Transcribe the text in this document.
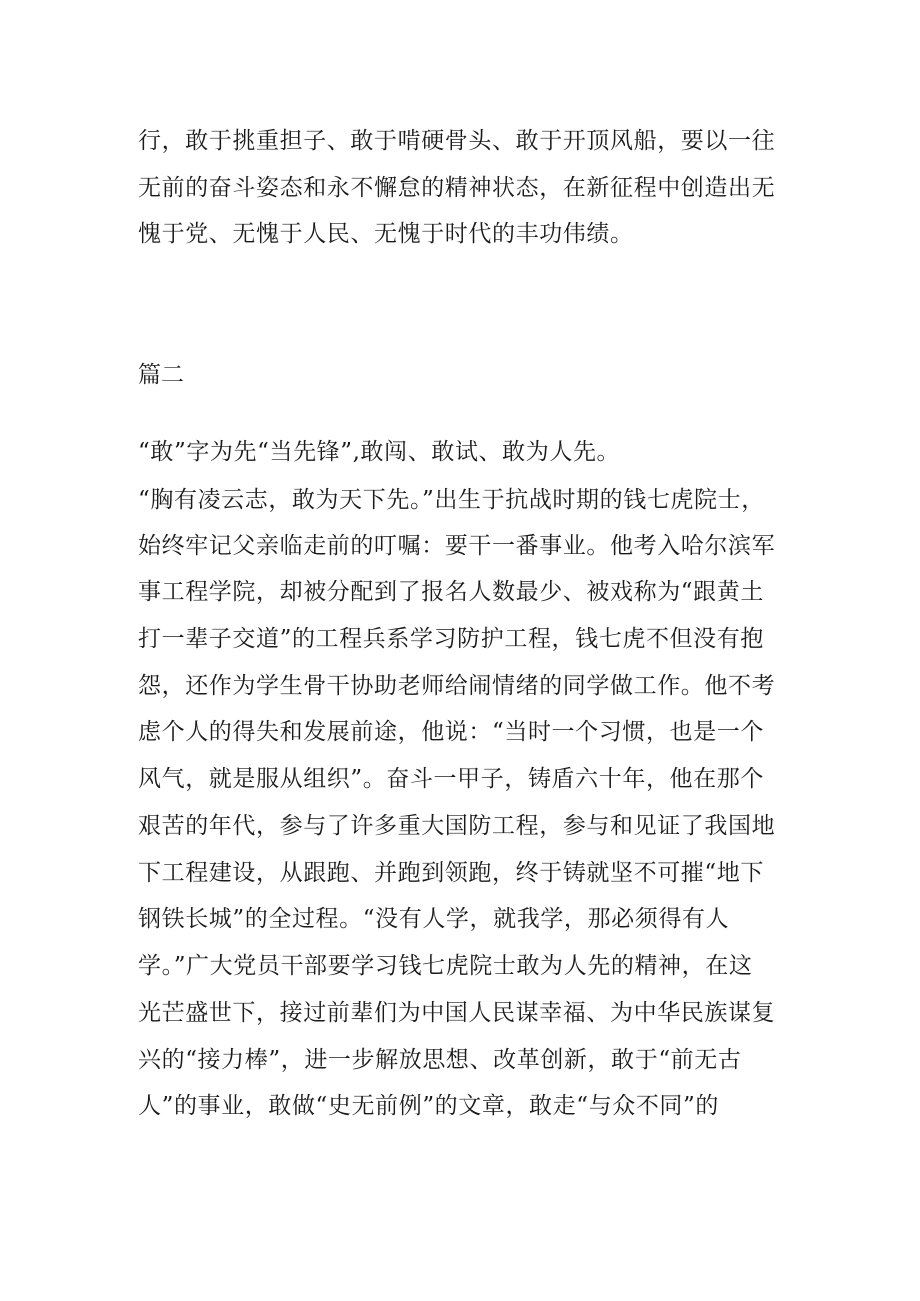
行，敢于挑重担子、敢于啃硬骨头、敢于开顶风船，要以一往
无前的奋斗姿态和永不懈怠的精神状态，在新征程中创造出无
愧于党、无愧于人民、无愧于时代的丰功伟绩。
篇二
“敢”字为先“当先锋”,敢闯、敢试、敢为人先。
“胸有凌云志，敢为天下先。”出生于抗战时期的钱七虎院士，
始终牢记父亲临走前的叮嘱：要干一番事业。他考入哈尔滨军
事工程学院，却被分配到了报名人数最少、被戏称为“跟黄土
打一辈子交道”的工程兵系学习防护工程，钱七虎不但没有抱
怨，还作为学生骨干协助老师给闹情绪的同学做工作。他不考
虑个人的得失和发展前途，他说：“当时一个习惯，也是一个
风气，就是服从组织”。奋斗一甲子，铸盾六十年，他在那个
艰苦的年代，参与了许多重大国防工程，参与和见证了我国地
下工程建设，从跟跑、并跑到领跑，终于铸就坚不可摧“地下
钢铁长城”的全过程。“没有人学，就我学，那必须得有人
学。”广大党员干部要学习钱七虎院士敢为人先的精神，在这
光芒盛世下，接过前辈们为中国人民谋幸福、为中华民族谋复
兴的“接力棒”，进一步解放思想、改革创新，敢于“前无古
人”的事业，敢做“史无前例”的文章，敢走“与众不同”的
